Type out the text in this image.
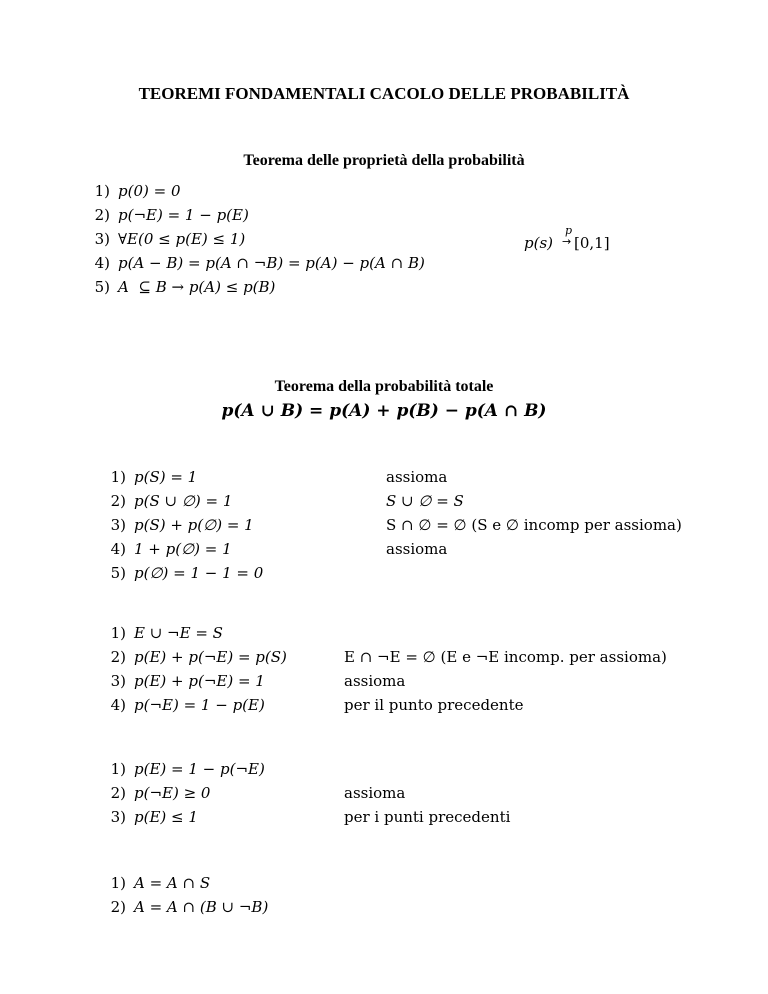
TEOREMI FONDAMENTALI CACOLO DELLE PROBABILITÀ
Teorema delle proprietà della probabilità
1) p(0) = 0
2) p(¬E) = 1 − p(E)
3) ∀E(0 ≤ p(E) ≤ 1)
4) p(A − B) = p(A ∩ ¬B) = p(A) − p(A ∩ B)
5) A  ⊆ B → p(A) ≤ p(B)
p(s)
p
→ [0,1]
Teorema della probabilità totale
p(A ∪ B) = p(A) + p(B) − p(A ∩ B)
1) p(S) = 1
2) p(S ∪ ∅) = 1
3) p(S) + p(∅) = 1
4) 1 + p(∅) = 1
5) p(∅) = 1 − 1 = 0
assioma
S ∪ ∅ = S
S ∩ ∅ = ∅ (S e ∅ incomp per assioma)
assioma
1) E ∪ ¬E = S
2) p(E) + p(¬E) = p(S)
3) p(E) + p(¬E) = 1
4) p(¬E) = 1 − p(E)
E ∩ ¬E = ∅ (E e ¬E incomp. per assioma)
assioma
per il punto precedente
1) p(E) = 1 − p(¬E)
2) p(¬E) ≥ 0
3) p(E) ≤ 1
assioma
per i punti precedenti
1) A = A ∩ S
2) A = A ∩ (B ∪ ¬B)
